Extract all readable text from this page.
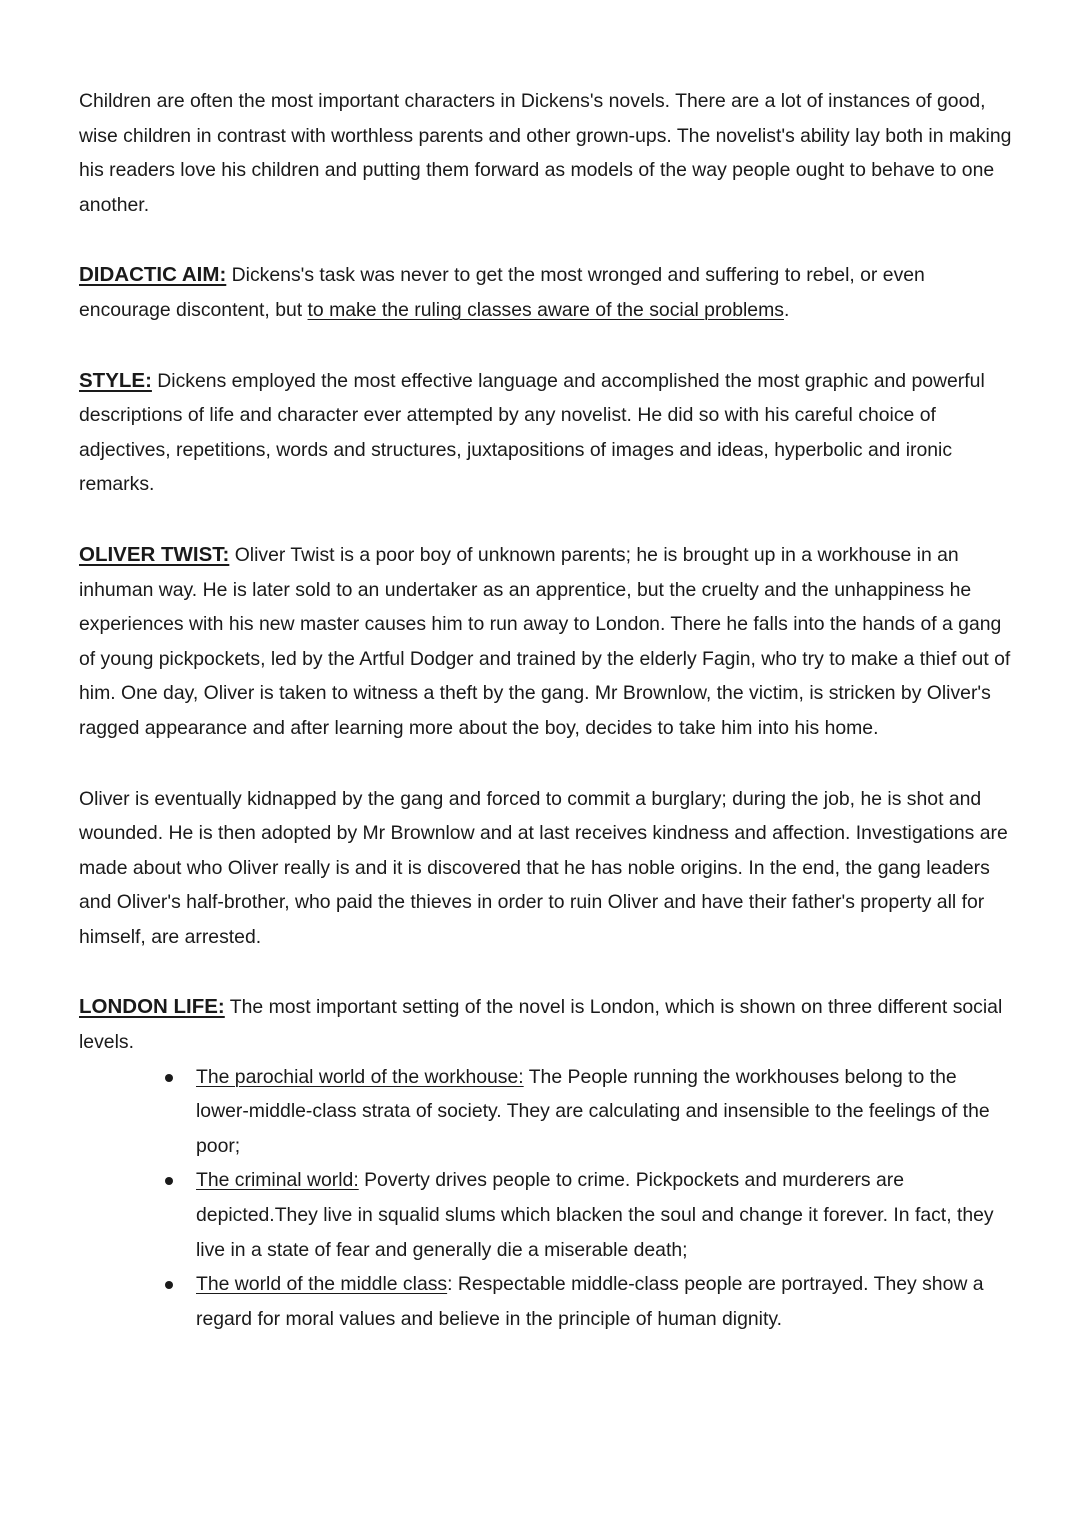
Children are often the most important characters in Dickens's novels. There are a lot of instances of good, wise children in contrast with worthless parents and other grown-ups. The novelist's ability lay both in making his readers love his children and putting them forward as models of the way people ought to behave to one another.

DIDACTIC AIM: Dickens's task was never to get the most wronged and suffering to rebel, or even encourage discontent, but to make the ruling classes aware of the social problems.

STYLE: Dickens employed the most effective language and accomplished the most graphic and powerful descriptions of life and character ever attempted by any novelist. He did so with his careful choice of adjectives, repetitions, words and structures, juxtapositions of images and ideas, hyperbolic and ironic remarks.

OLIVER TWIST: Oliver Twist is a poor boy of unknown parents; he is brought up in a workhouse in an inhuman way. He is later sold to an undertaker as an apprentice, but the cruelty and the unhappiness he experiences with his new master causes him to run away to London. There he falls into the hands of a gang of young pickpockets, led by the Artful Dodger and trained by the elderly Fagin, who try to make a thief out of him. One day, Oliver is taken to witness a theft by the gang. Mr Brownlow, the victim, is stricken by Oliver's ragged appearance and after learning more about the boy, decides to take him into his home.

Oliver is eventually kidnapped by the gang and forced to commit a burglary; during the job, he is shot and wounded. He is then adopted by Mr Brownlow and at last receives kindness and affection. Investigations are made about who Oliver really is and it is discovered that he has noble origins. In the end, the gang leaders and Oliver's half-brother, who paid the thieves in order to ruin Oliver and have their father's property all for himself, are arrested.

LONDON LIFE: The most important setting of the novel is London, which is shown on three different social levels.

The parochial world of the workhouse: The People running the workhouses belong to the lower-middle-class strata of society. They are calculating and insensible to the feelings of the poor;
The criminal world: Poverty drives people to crime. Pickpockets and murderers are depicted.They live in squalid slums which blacken the soul and change it forever. In fact, they live in a state of fear and generally die a miserable death;
The world of the middle class: Respectable middle-class people are portrayed. They show a regard for moral values and believe in the principle of human dignity.
